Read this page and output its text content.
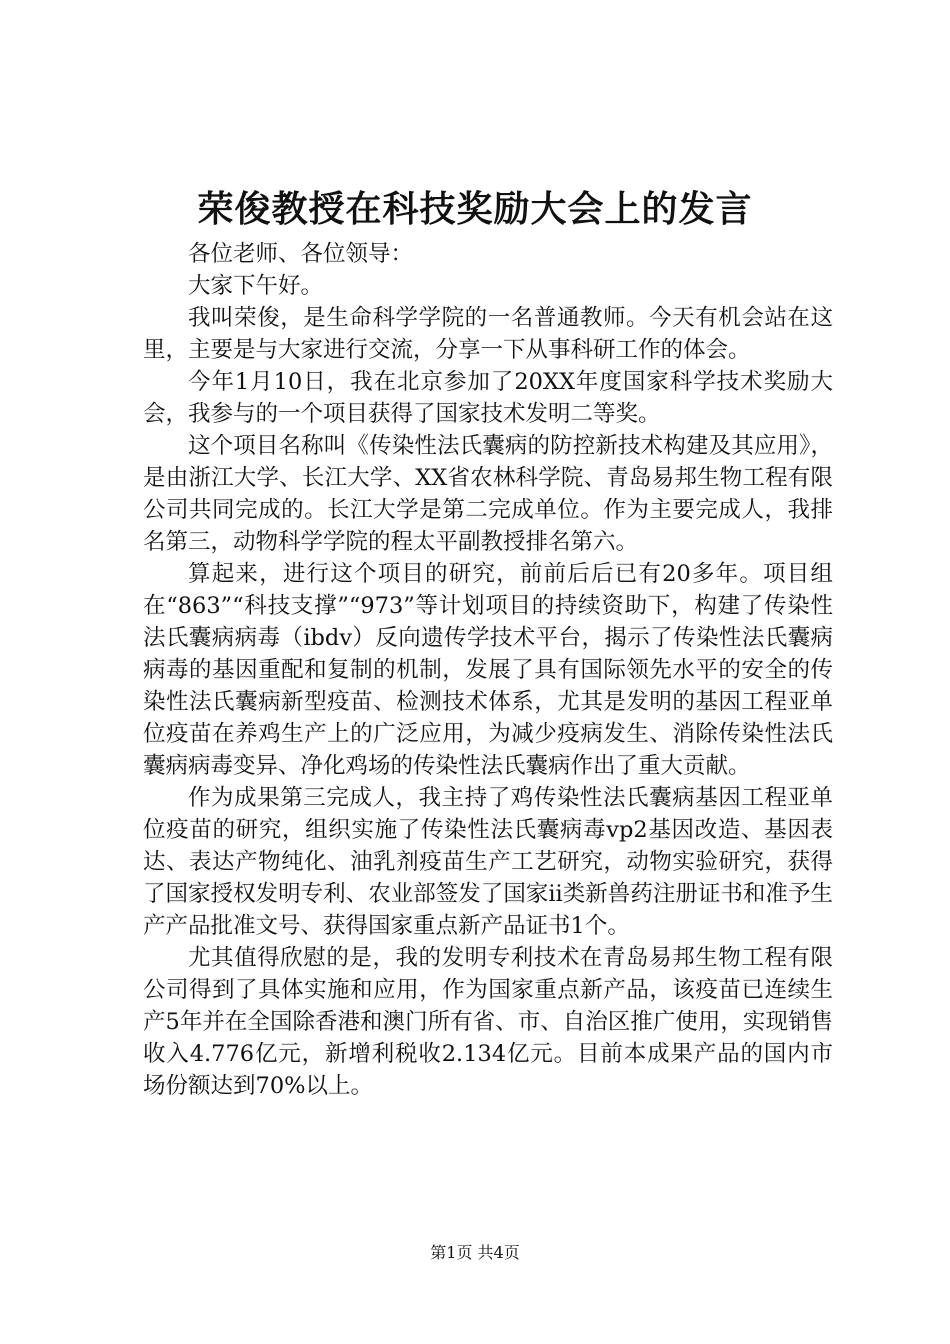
荣俊教授在科技奖励大会上的发言

各位老师、各位领导：

大家下午好。

我叫荣俊，是生命科学学院的一名普通教师。今天有机会站在这里，主要是与大家进行交流，分享一下从事科研工作的体会。

今年1月10日，我在北京参加了20XX年度国家科学技术奖励大会，我参与的一个项目获得了国家技术发明二等奖。

这个项目名称叫《传染性法氏囊病的防控新技术构建及其应用》，是由浙江大学、长江大学、XX省农林科学院、青岛易邦生物工程有限公司共同完成的。长江大学是第二完成单位。作为主要完成人，我排名第三，动物科学学院的程太平副教授排名第六。

算起来，进行这个项目的研究，前前后后已有20多年。项目组在“863”“科技支撑”“973”等计划项目的持续资助下，构建了传染性法氏囊病病毒（ibdv）反向遗传学技术平台，揭示了传染性法氏囊病病毒的基因重配和复制的机制，发展了具有国际领先水平的安全的传染性法氏囊病新型疫苗、检测技术体系，尤其是发明的基因工程亚单位疫苗在养鸡生产上的广泛应用，为减少疫病发生、消除传染性法氏囊病病毒变异、净化鸡场的传染性法氏囊病作出了重大贡献。

作为成果第三完成人，我主持了鸡传染性法氏囊病基因工程亚单位疫苗的研究，组织实施了传染性法氏囊病毒vp2基因改造、基因表达、表达产物纯化、油乳剂疫苗生产工艺研究，动物实验研究，获得了国家授权发明专利、农业部签发了国家ii类新兽药注册证书和准予生产产品批准文号、获得国家重点新产品证书1个。

尤其值得欣慰的是，我的发明专利技术在青岛易邦生物工程有限公司得到了具体实施和应用，作为国家重点新产品，该疫苗已连续生产5年并在全国除香港和澳门所有省、市、自治区推广使用，实现销售收入4.776亿元，新增利税收2.134亿元。目前本成果产品的国内市场份额达到70%以上。

第1页 共4页
